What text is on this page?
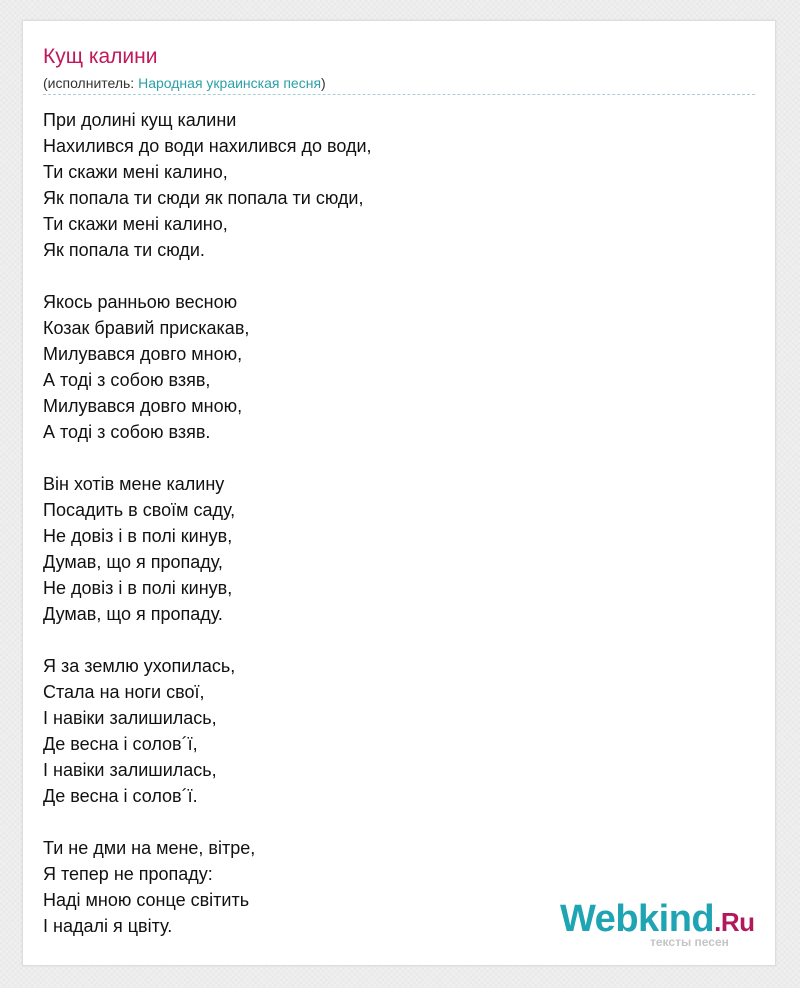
Кущ калини
(исполнитель: Народная украинская песня)
При долині кущ калини
Нахилився до води нахилився до води,
Ти скажи мені калино,
Як попала ти сюди як попала ти сюди,
Ти скажи мені калино,
Як попала ти сюди.
Якось ранньою весною
Козак бравий прискакав,
Милувався довго мною,
А тоді з собою взяв,
Милувався довго мною,
А тоді з собою взяв.
Він хотів мене калину
Посадить в своїм саду,
Не довіз і в полі кинув,
Думав, що я пропаду,
Не довіз і в полі кинув,
Думав, що я пропаду.
Я за землю ухопилась,
Стала на ноги свої,
І навіки залишилась,
Де весна і солов´ї,
І навіки залишилась,
Де весна і солов´ї.
Ти не дми на мене, вітре,
Я тепер не пропаду:
Наді мною сонце світить
І надалі я цвіту.	Webkind.Ru
тексты песен
